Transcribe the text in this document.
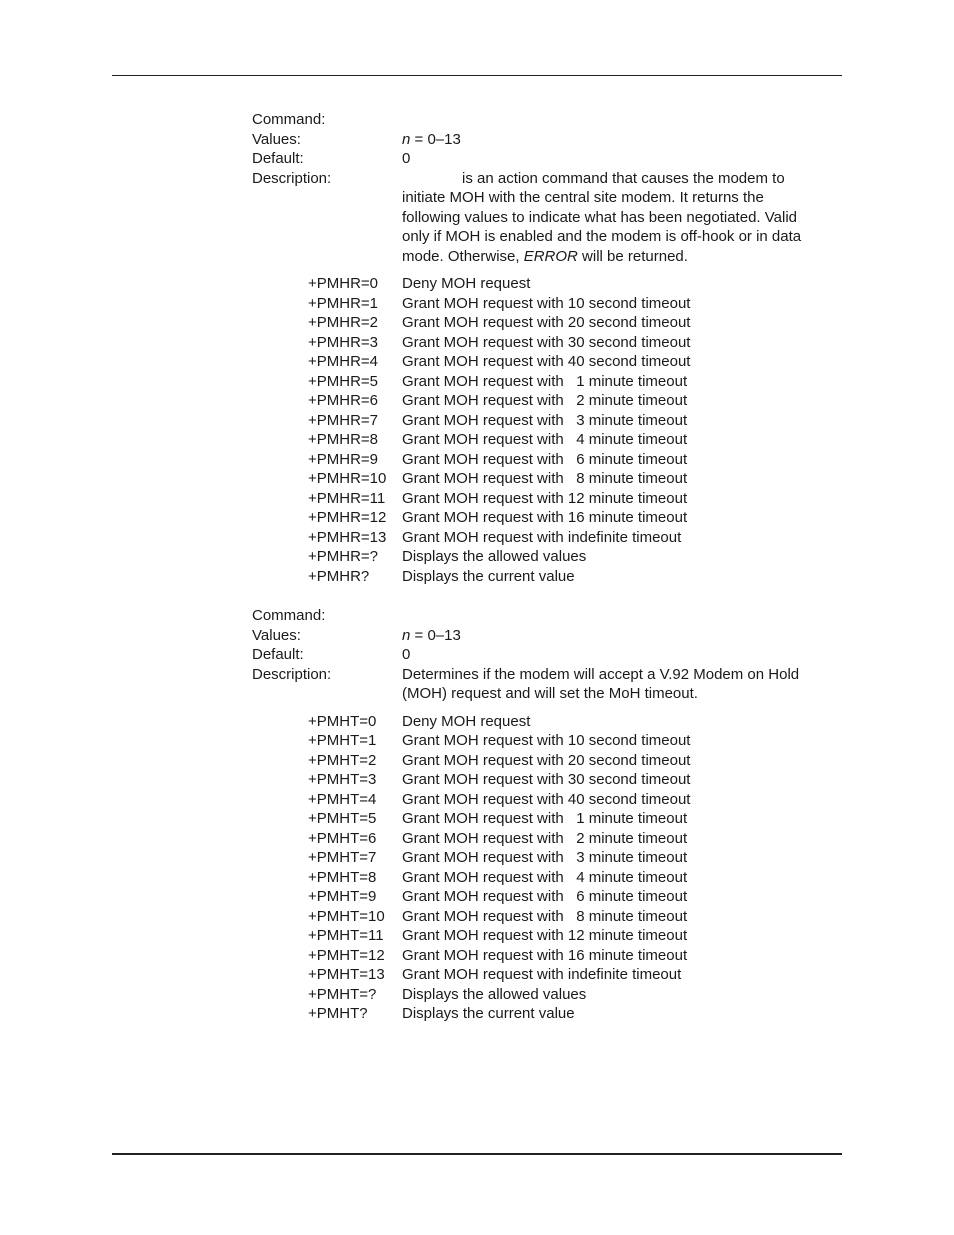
Command:
Values:	n = 0–13
Default:	0
Description:	is an action command that causes the modem to initiate MOH with the central site modem. It returns the following values to indicate what has been negotiated. Valid only if MOH is enabled and the modem is off-hook or in data mode. Otherwise, ERROR will be returned.
+PMHR=0	Deny MOH request
+PMHR=1	Grant MOH request with 10 second timeout
+PMHR=2	Grant MOH request with 20 second timeout
+PMHR=3	Grant MOH request with 30 second timeout
+PMHR=4	Grant MOH request with 40 second timeout
+PMHR=5	Grant MOH request with   1 minute timeout
+PMHR=6	Grant MOH request with   2 minute timeout
+PMHR=7	Grant MOH request with   3 minute timeout
+PMHR=8	Grant MOH request with   4 minute timeout
+PMHR=9	Grant MOH request with   6 minute timeout
+PMHR=10	Grant MOH request with   8 minute timeout
+PMHR=11	Grant MOH request with 12 minute timeout
+PMHR=12	Grant MOH request with 16 minute timeout
+PMHR=13	Grant MOH request with indefinite timeout
+PMHR=?	Displays the allowed values
+PMHR?	Displays the current value
Command:
Values:	n = 0–13
Default:	0
Description:	Determines if the modem will accept a V.92 Modem on Hold (MOH) request and will set the MoH timeout.
+PMHT=0	Deny MOH request
+PMHT=1	Grant MOH request with 10 second timeout
+PMHT=2	Grant MOH request with 20 second timeout
+PMHT=3	Grant MOH request with 30 second timeout
+PMHT=4	Grant MOH request with 40 second timeout
+PMHT=5	Grant MOH request with   1 minute timeout
+PMHT=6	Grant MOH request with   2 minute timeout
+PMHT=7	Grant MOH request with   3 minute timeout
+PMHT=8	Grant MOH request with   4 minute timeout
+PMHT=9	Grant MOH request with   6 minute timeout
+PMHT=10	Grant MOH request with   8 minute timeout
+PMHT=11	Grant MOH request with 12 minute timeout
+PMHT=12	Grant MOH request with 16 minute timeout
+PMHT=13	Grant MOH request with indefinite timeout
+PMHT=?	Displays the allowed values
+PMHT?	Displays the current value
